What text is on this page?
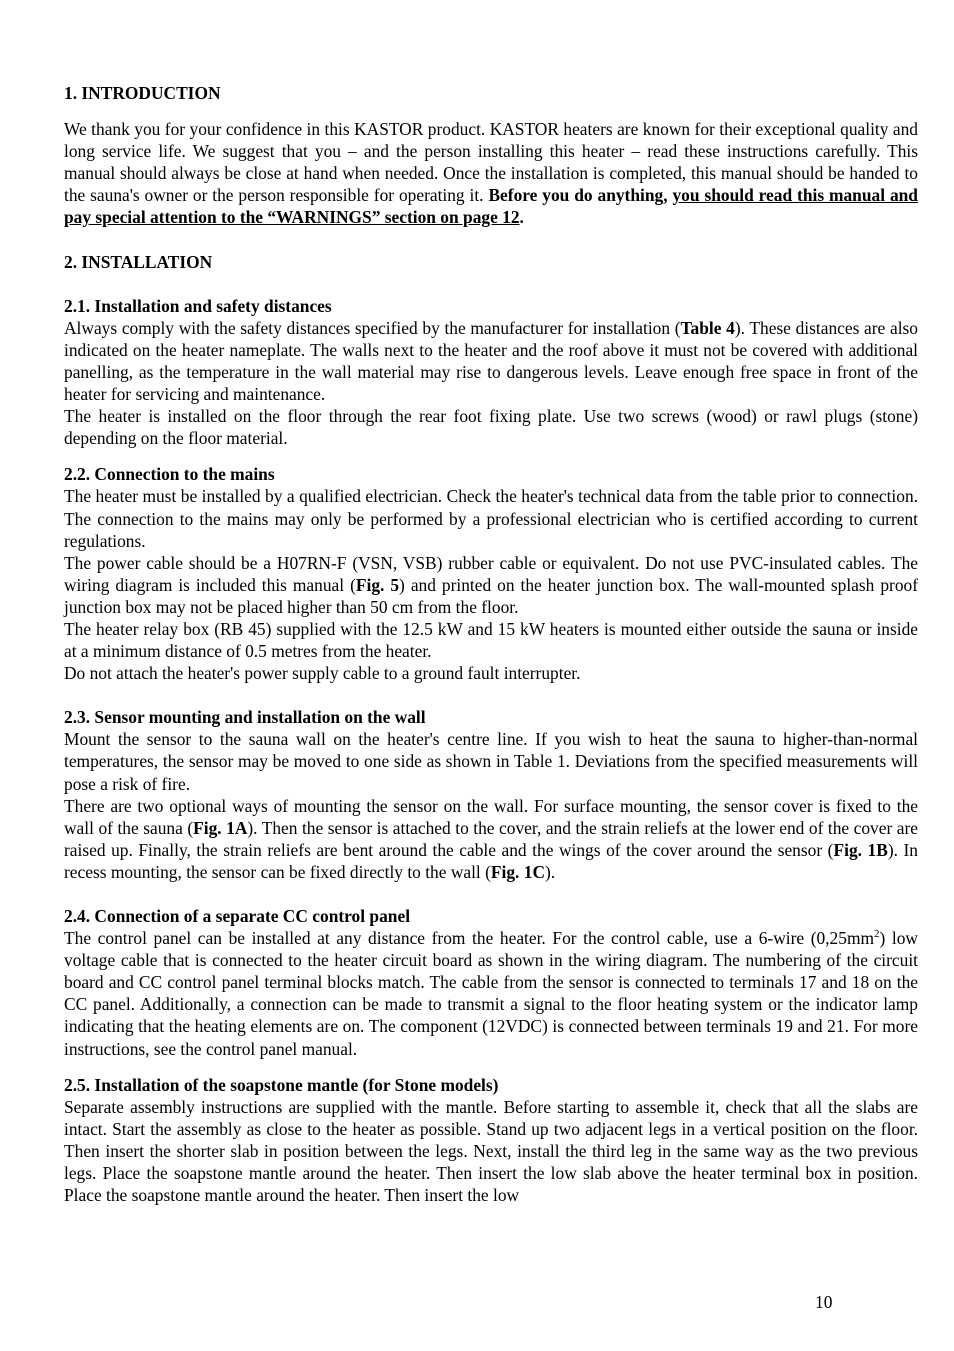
1. INTRODUCTION

We thank you for your confidence in this KASTOR product. KASTOR heaters are known for their exceptional quality and long service life. We suggest that you – and the person installing this heater – read these instructions carefully. This manual should always be close at hand when needed. Once the installation is completed, this manual should be handed to the sauna's owner or the person responsible for operating it. Before you do anything, you should read this manual and pay special attention to the “WARNINGS” section on page 12.

2. INSTALLATION
2.1. Installation and safety distances

Always comply with the safety distances specified by the manufacturer for installation (Table 4). These distances are also indicated on the heater nameplate. The walls next to the heater and the roof above it must not be covered with additional panelling, as the temperature in the wall material may rise to dangerous levels. Leave enough free space in front of the heater for servicing and maintenance.

The heater is installed on the floor through the rear foot fixing plate. Use two screws (wood) or rawl plugs (stone) depending on the floor material.

2.2. Connection to the mains

The heater must be installed by a qualified electrician. Check the heater's technical data from the table prior to connection. The connection to the mains may only be performed by a professional electrician who is certified according to current regulations.

The power cable should be a H07RN-F (VSN, VSB) rubber cable or equivalent. Do not use PVC-insulated cables. The wiring diagram is included this manual (Fig. 5) and printed on the heater junction box. The wall-mounted splash proof junction box may not be placed higher than 50 cm from the floor.

The heater relay box (RB 45) supplied with the 12.5 kW and 15 kW heaters is mounted either outside the sauna or inside at a minimum distance of 0.5 metres from the heater.

Do not attach the heater's power supply cable to a ground fault interrupter.

2.3. Sensor mounting and installation on the wall

Mount the sensor to the sauna wall on the heater's centre line. If you wish to heat the sauna to higher-than-normal temperatures, the sensor may be moved to one side as shown in Table 1. Deviations from the specified measurements will pose a risk of fire.

There are two optional ways of mounting the sensor on the wall. For surface mounting, the sensor cover is fixed to the wall of the sauna (Fig. 1A). Then the sensor is attached to the cover, and the strain reliefs at the lower end of the cover are raised up. Finally, the strain reliefs are bent around the cable and the wings of the cover around the sensor (Fig. 1B). In recess mounting, the sensor can be fixed directly to the wall (Fig. 1C).

2.4. Connection of a separate CC control panel

The control panel can be installed at any distance from the heater. For the control cable, use a 6-wire $(0,25mm^2)$ low voltage cable that is connected to the heater circuit board as shown in the wiring diagram. The numbering of the circuit board and CC control panel terminal blocks match. The cable from the sensor is connected to terminals 17 and 18 on the CC panel. Additionally, a connection can be made to transmit a signal to the floor heating system or the indicator lamp indicating that the heating elements are on. The component (12VDC) is connected between terminals 19 and 21. For more instructions, see the control panel manual.

2.5. Installation of the soapstone mantle (for Stone models)

Separate assembly instructions are supplied with the mantle. Before starting to assemble it, check that all the slabs are intact. Start the assembly as close to the heater as possible. Stand up two adjacent legs in a vertical position on the floor. Then insert the shorter slab in position between the legs. Next, install the third leg in the same way as the two previous legs. Place the soapstone mantle around the heater. Then insert the low slab above the heater terminal box in position. Place the soapstone mantle around the heater. Then insert the low

10
